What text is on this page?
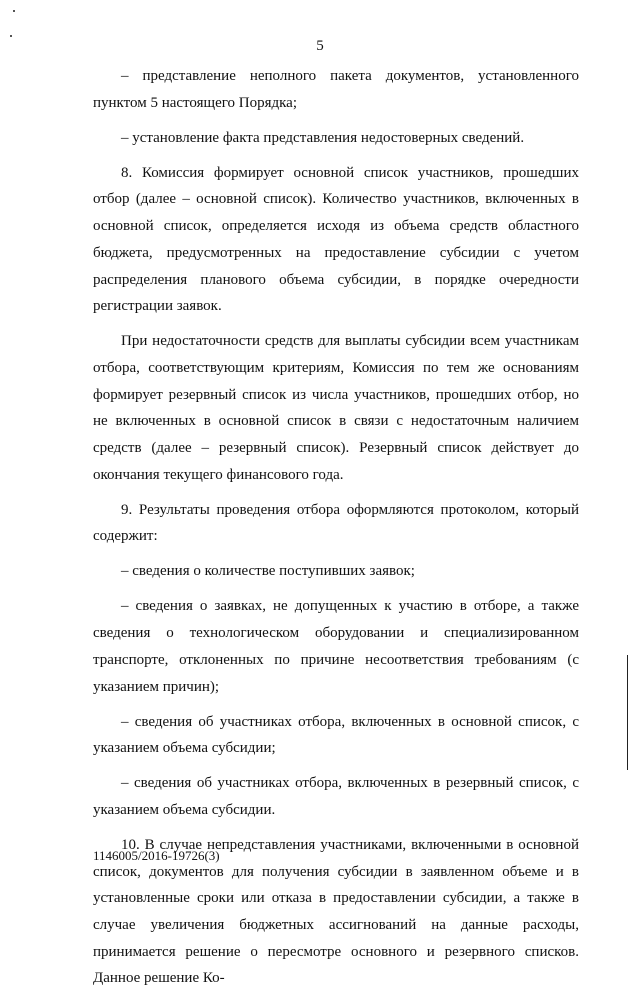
5

– представление неполного пакета документов, установленного пунктом 5 настоящего Порядка;

– установление факта представления недостоверных сведений.

8. Комиссия формирует основной список участников, прошедших отбор (далее – основной список). Количество участников, включенных в основной список, определяется исходя из объема средств областного бюджета, предусмотренных на предоставление субсидии с учетом распределения планового объема субсидии, в порядке очередности регистрации заявок.

При недостаточности средств для выплаты субсидии всем участникам отбора, соответствующим критериям, Комиссия по тем же основаниям формирует резервный список из числа участников, прошедших отбор, но не включенных в основной список в связи с недостаточным наличием средств (далее – резервный список). Резервный список действует до окончания текущего финансового года.

9. Результаты проведения отбора оформляются протоколом, который содержит:

– сведения о количестве поступивших заявок;

– сведения о заявках, не допущенных к участию в отборе, а также сведения о технологическом оборудовании и специализированном транспорте, отклоненных по причине несоответствия требованиям (с указанием причин);

– сведения об участниках отбора, включенных в основной список, с указанием объема субсидии;

– сведения об участниках отбора, включенных в резервный список, с указанием объема субсидии.

10. В случае непредставления участниками, включенными в основной список, документов для получения субсидии в заявленном объеме и в установленные сроки или отказа в предоставлении субсидии, а также в случае увеличения бюджетных ассигнований на данные расходы, принимается решение о пересмотре основного и резервного списков. Данное решение Ко-

1146005/2016-19726(3)
